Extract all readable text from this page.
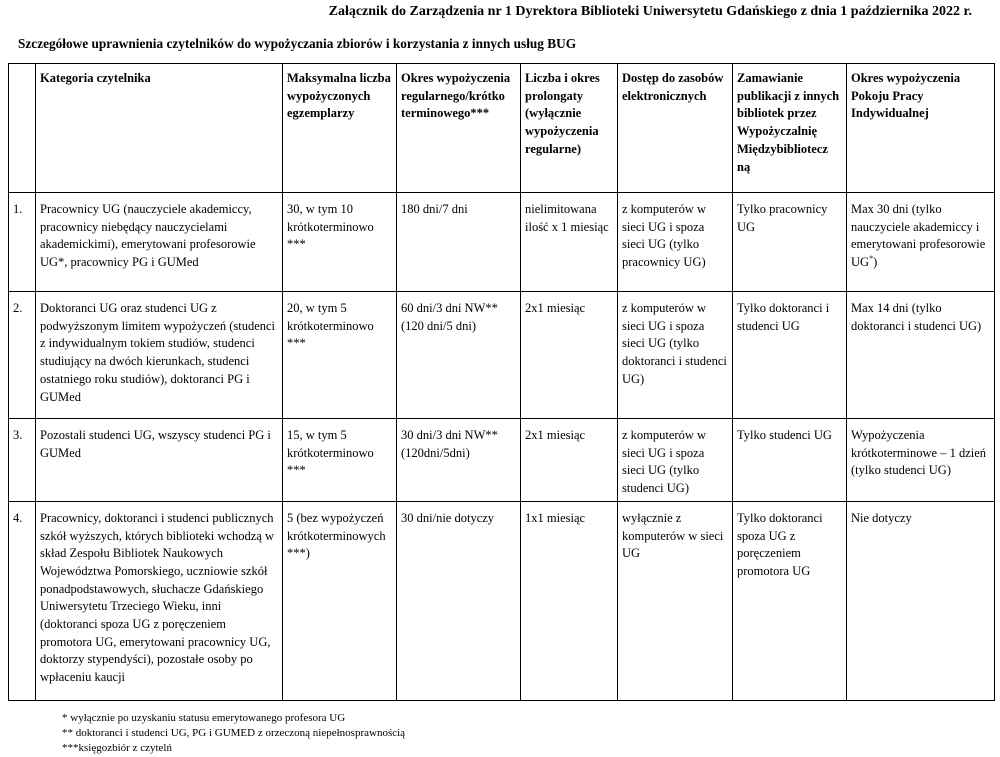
Załącznik do Zarządzenia nr 1 Dyrektora Biblioteki Uniwersytetu Gdańskiego z dnia 1 października 2022 r.
Szczegółowe uprawnienia czytelników do wypożyczania zbiorów i korzystania z innych usług BUG
	Kategoria czytelnika	Maksymalna liczba wypożyczonych egzemplarzy	Okres wypożyczenia regularnego/krótko terminowego***	Liczba i okres prolongaty (wyłącznie wypożyczenia regularne)	Dostęp do zasobów elektronicznych	Zamawianie publikacji z innych bibliotek przez Wypożyczalnię Międzybibliotecz ną	Okres wypożyczenia Pokoju Pracy Indywidualnej
1.	Pracownicy UG (nauczyciele akademiccy, pracownicy niebędący nauczycielami akademickimi), emerytowani profesorowie UG*, pracownicy PG i GUMed	30, w tym 10 krótkoterminowo ***	180 dni/7 dni	nielimitowana ilość x 1 miesiąc	z komputerów w sieci UG i spoza sieci UG (tylko pracownicy UG)	Tylko pracownicy UG	Max 30 dni (tylko nauczyciele akademiccy i emerytowani profesorowie UG*)
2.	Doktoranci UG oraz studenci UG z podwyższonym limitem wypożyczeń (studenci z indywidualnym tokiem studiów, studenci studiujący na dwóch kierunkach, studenci ostatniego roku studiów), doktoranci PG i GUMed	20, w tym 5 krótkoterminowo ***	60 dni/3 dni NW**(120 dni/5 dni)	2x1 miesiąc	z komputerów w sieci UG i spoza sieci UG (tylko doktoranci i studenci UG)	Tylko doktoranci i studenci UG	Max 14 dni (tylko doktoranci i studenci UG)
3.	Pozostali studenci UG, wszyscy studenci PG i GUMed	15, w tym 5 krótkoterminowo ***	30 dni/3 dni NW** (120dni/5dni)	2x1 miesiąc	z komputerów w sieci UG i spoza sieci UG (tylko studenci UG)	Tylko studenci UG	Wypożyczenia krótkoterminowe – 1 dzień (tylko studenci UG)
4.	Pracownicy, doktoranci i studenci publicznych szkół wyższych, których biblioteki wchodzą w skład Zespołu Bibliotek Naukowych Województwa Pomorskiego, uczniowie szkół ponadpodstawowych, słuchacze Gdańskiego Uniwersytetu Trzeciego Wieku, inni (doktoranci spoza UG z poręczeniem promotora UG, emerytowani pracownicy UG, doktorzy stypendyści), pozostałe osoby po wpłaceniu kaucji	5 (bez wypożyczeń krótkoterminowych ***)	30 dni/nie dotyczy	1x1 miesiąc	wyłącznie z komputerów w sieci UG	Tylko doktoranci spoza UG z poręczeniem promotora UG	Nie dotyczy
* wyłącznie po uzyskaniu statusu emerytowanego profesora UG
** doktoranci i studenci UG, PG i GUMED z orzeczoną niepełnosprawnością
***księgozbiór z czytelń
